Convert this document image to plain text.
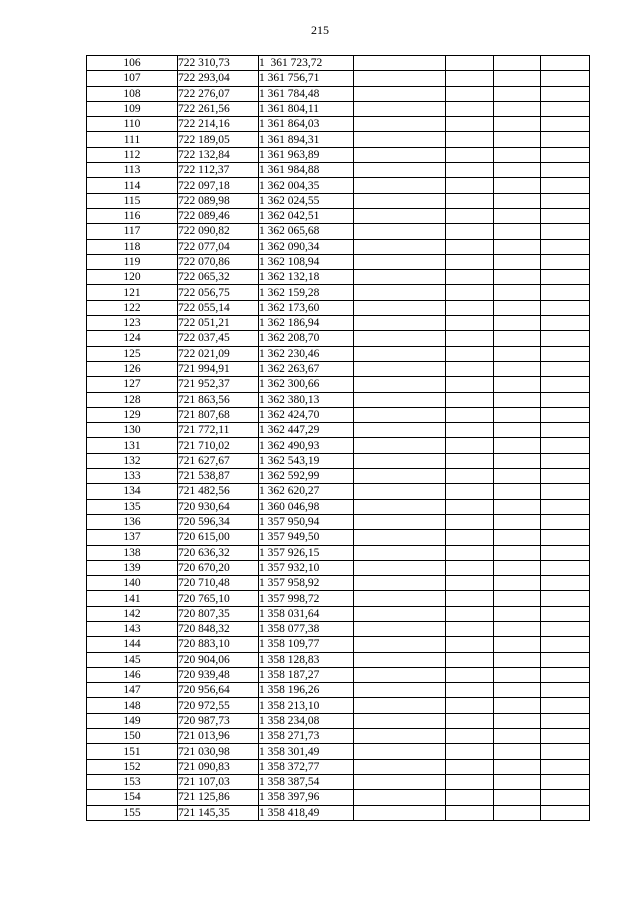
215
106	722 310,73	1  361 723,72				
107	722 293,04	1 361 756,71				
108	722 276,07	1 361 784,48				
109	722 261,56	1 361 804,11				
110	722 214,16	1 361 864,03				
111	722 189,05	1 361 894,31				
112	722 132,84	1 361 963,89				
113	722 112,37	1 361 984,88				
114	722 097,18	1 362 004,35				
115	722 089,98	1 362 024,55				
116	722 089,46	1 362 042,51				
117	722 090,82	1 362 065,68				
118	722 077,04	1 362 090,34				
119	722 070,86	1 362 108,94				
120	722 065,32	1 362 132,18				
121	722 056,75	1 362 159,28				
122	722 055,14	1 362 173,60				
123	722 051,21	1 362 186,94				
124	722 037,45	1 362 208,70				
125	722 021,09	1 362 230,46				
126	721 994,91	1 362 263,67				
127	721 952,37	1 362 300,66				
128	721 863,56	1 362 380,13				
129	721 807,68	1 362 424,70				
130	721 772,11	1 362 447,29				
131	721 710,02	1 362 490,93				
132	721 627,67	1 362 543,19				
133	721 538,87	1 362 592,99				
134	721 482,56	1 362 620,27				
135	720 930,64	1 360 046,98				
136	720 596,34	1 357 950,94				
137	720 615,00	1 357 949,50				
138	720 636,32	1 357 926,15				
139	720 670,20	1 357 932,10				
140	720 710,48	1 357 958,92				
141	720 765,10	1 357 998,72				
142	720 807,35	1 358 031,64				
143	720 848,32	1 358 077,38				
144	720 883,10	1 358 109,77				
145	720 904,06	1 358 128,83				
146	720 939,48	1 358 187,27				
147	720 956,64	1 358 196,26				
148	720 972,55	1 358 213,10				
149	720 987,73	1 358 234,08				
150	721 013,96	1 358 271,73				
151	721 030,98	1 358 301,49				
152	721 090,83	1 358 372,77				
153	721 107,03	1 358 387,54				
154	721 125,86	1 358 397,96				
155	721 145,35	1 358 418,49				
